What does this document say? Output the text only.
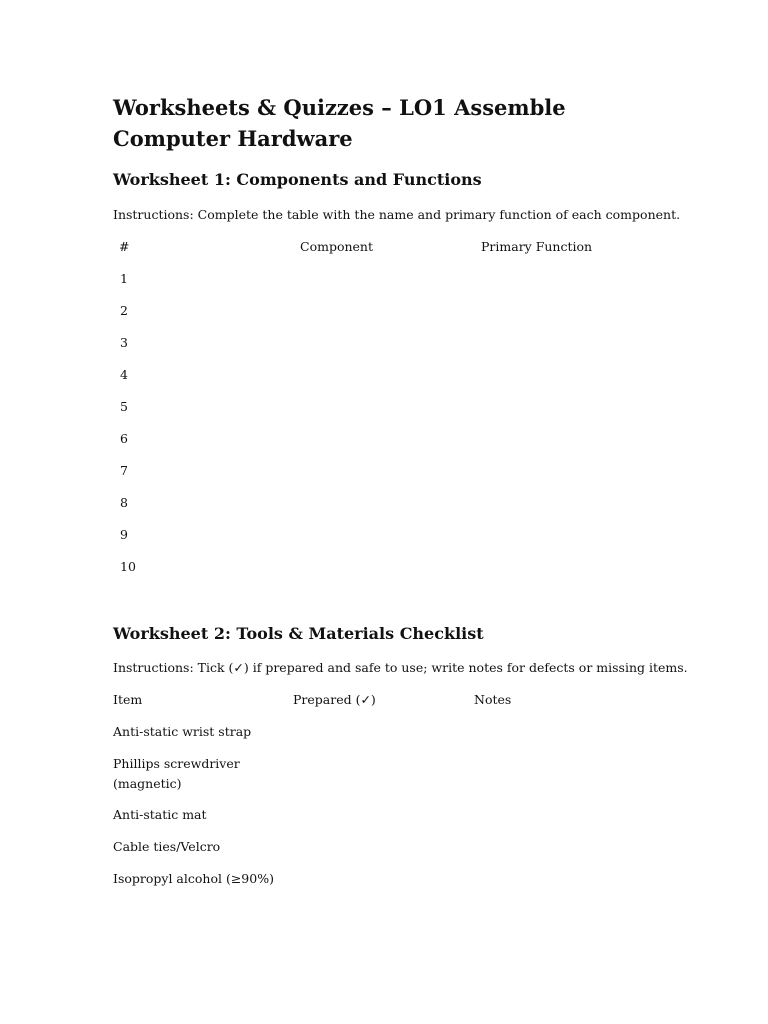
Worksheets & Quizzes – LO1 Assemble Computer Hardware
Worksheet 1: Components and Functions

Instructions: Complete the table with the name and primary function of each component.

#	Component	Primary Function
1
2
3
4
5
6
7
8
9
10
Worksheet 2: Tools & Materials Checklist

Instructions: Tick (✓) if prepared and safe to use; write notes for defects or missing items.

Item	Prepared (✓)	Notes
Anti-static wrist strap
Phillips screwdriver (magnetic)
Anti-static mat
Cable ties/Velcro
Isopropyl alcohol (≥90%)
